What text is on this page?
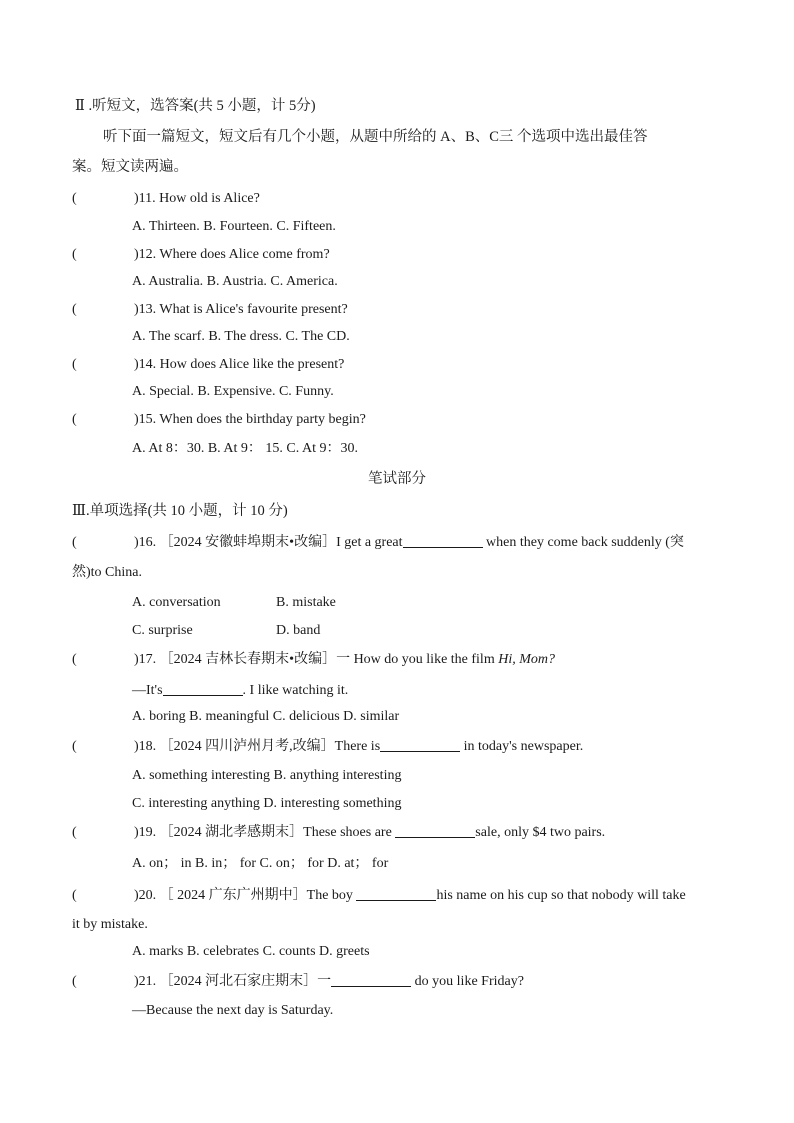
Ⅱ .听短文，选答案(共 5 小题，计 5分)
听下面一篇短文，短文后有几个小题，从题中所给的 A、B、C三 个选项中选出最佳答
案。短文读两遍。
(	)11. How old is Alice?
A. Thirteen. B. Fourteen. C. Fifteen.
(	)12. Where does Alice come from?
A. Australia. B. Austria. C. America.
(	)13. What is Alice's favourite present?
A. The scarf. B. The dress. C. The CD.
(	)14. How does Alice like the present?
A. Special. B. Expensive. C. Funny.
(	)15. When does the birthday party begin?
A. At 8：30. B. At 9： 15. C. At 9：30.
笔试部分
Ⅲ.单项选择(共 10 小题，计 10 分)
(	)16. ［2024 安徽蚌埠期末•改编］I get a great	when they come back suddenly (突
然)to China.
A. conversation	B. mistake
C. surprise	D. band
(	)17. ［2024 吉林长春期末•改编］一 How do you like the film Hi, Mom?
—It's	. I like watching it.
A. boring B. meaningful C. delicious D. similar
(	)18. ［2024 四川泸州月考,改编］There is	in today's newspaper.
A. something interesting B. anything interesting
C. interesting anything D. interesting something
(	)19. ［2024 湖北孝感期末］These shoes are	sale, only $4 two pairs.
A. on； in B. in； for C. on； for D. at； for
(	)20. ［ 2024 广东广州期中］The boy	his name on his cup so that nobody will take
it by mistake.
A. marks B. celebrates C. counts D. greets
(	)21. ［2024 河北石家庄期末］一	do you like Friday?
—Because the next day is Saturday.
